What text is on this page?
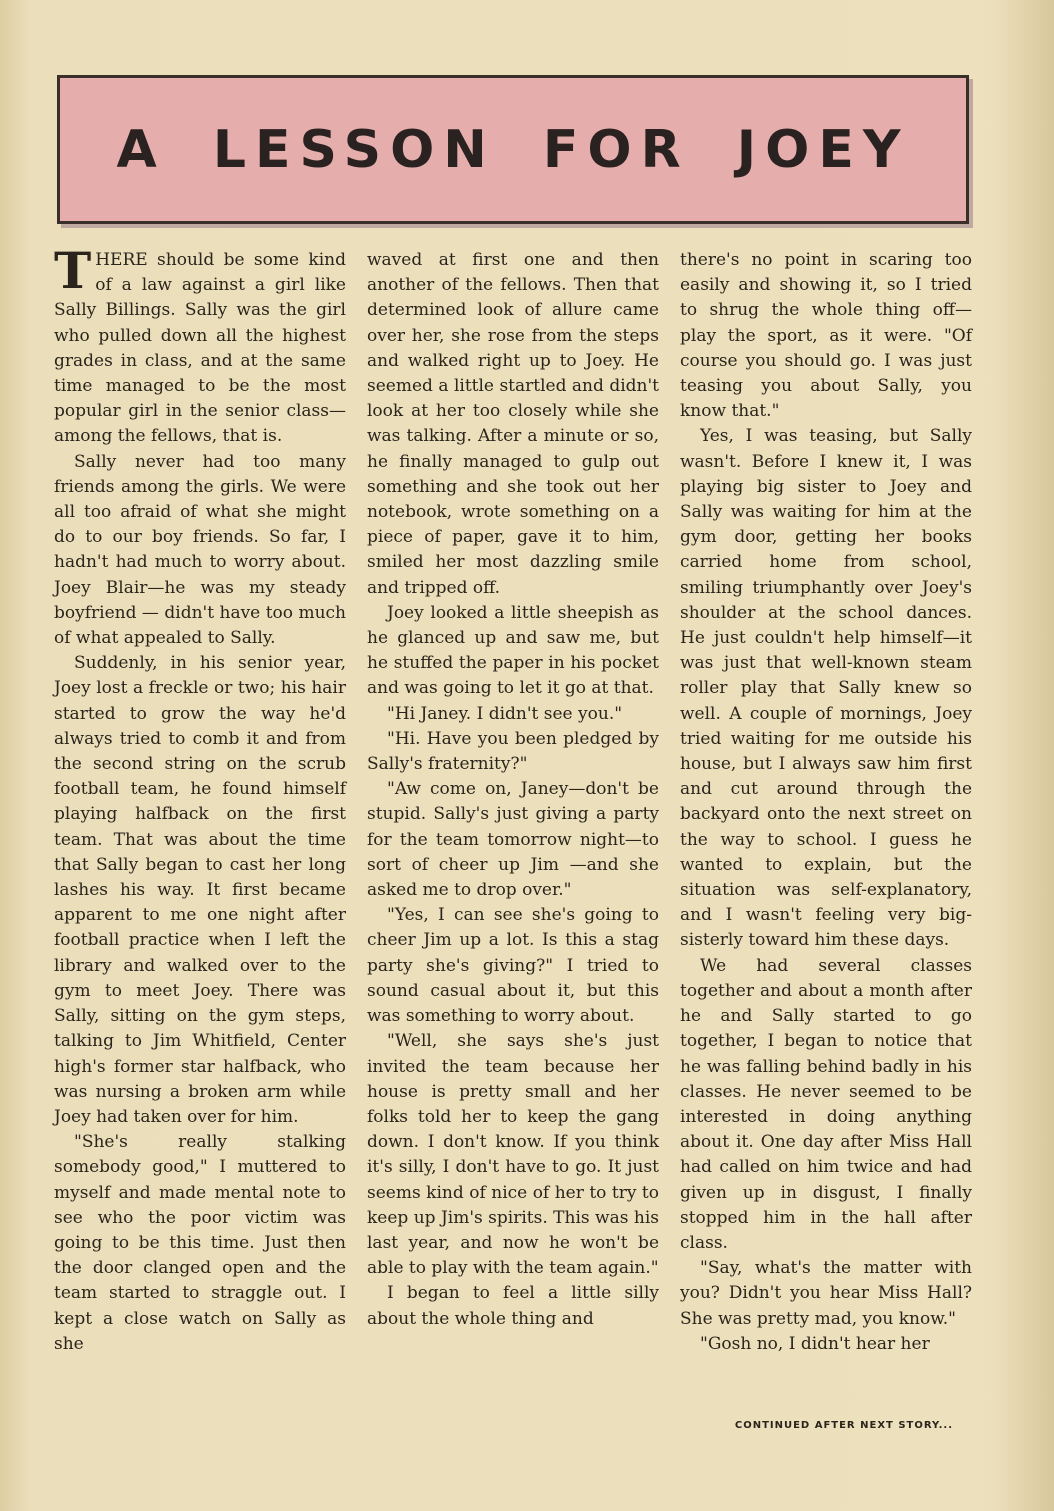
A LESSON FOR JOEY

THERE should be some kind of a law against a girl like Sally Billings. Sally was the girl who pulled down all the highest grades in class, and at the same time managed to be the most popular girl in the senior class—among the fellows, that is.

Sally never had too many friends among the girls. We were all too afraid of what she might do to our boy friends. So far, I hadn't had much to worry about. Joey Blair—he was my steady boyfriend — didn't have too much of what appealed to Sally.

Suddenly, in his senior year, Joey lost a freckle or two; his hair started to grow the way he'd always tried to comb it and from the second string on the scrub football team, he found himself playing halfback on the first team. That was about the time that Sally began to cast her long lashes his way. It first became apparent to me one night after football practice when I left the library and walked over to the gym to meet Joey. There was Sally, sitting on the gym steps, talking to Jim Whitfield, Center high's former star halfback, who was nursing a broken arm while Joey had taken over for him.

"She's really stalking somebody good," I muttered to myself and made mental note to see who the poor victim was going to be this time. Just then the door clanged open and the team started to straggle out. I kept a close watch on Sally as she

waved at first one and then another of the fellows. Then that determined look of allure came over her, she rose from the steps and walked right up to Joey. He seemed a little startled and didn't look at her too closely while she was talking. After a minute or so, he finally managed to gulp out something and she took out her notebook, wrote something on a piece of paper, gave it to him, smiled her most dazzling smile and tripped off.

Joey looked a little sheepish as he glanced up and saw me, but he stuffed the paper in his pocket and was going to let it go at that.

"Hi Janey. I didn't see you."

"Hi. Have you been pledged by Sally's fraternity?"

"Aw come on, Janey—don't be stupid. Sally's just giving a party for the team tomorrow night—to sort of cheer up Jim —and she asked me to drop over."

"Yes, I can see she's going to cheer Jim up a lot. Is this a stag party she's giving?" I tried to sound casual about it, but this was something to worry about.

"Well, she says she's just invited the team because her house is pretty small and her folks told her to keep the gang down. I don't know. If you think it's silly, I don't have to go. It just seems kind of nice of her to try to keep up Jim's spirits. This was his last year, and now he won't be able to play with the team again."

I began to feel a little silly about the whole thing and

there's no point in scaring too easily and showing it, so I tried to shrug the whole thing off—play the sport, as it were. "Of course you should go. I was just teasing you about Sally, you know that."

Yes, I was teasing, but Sally wasn't. Before I knew it, I was playing big sister to Joey and Sally was waiting for him at the gym door, getting her books carried home from school, smiling triumphantly over Joey's shoulder at the school dances. He just couldn't help himself—it was just that well-known steam roller play that Sally knew so well. A couple of mornings, Joey tried waiting for me outside his house, but I always saw him first and cut around through the backyard onto the next street on the way to school. I guess he wanted to explain, but the situation was self-explanatory, and I wasn't feeling very big-sisterly toward him these days.

We had several classes together and about a month after he and Sally started to go together, I began to notice that he was falling behind badly in his classes. He never seemed to be interested in doing anything about it. One day after Miss Hall had called on him twice and had given up in disgust, I finally stopped him in the hall after class.

"Say, what's the matter with you? Didn't you hear Miss Hall? She was pretty mad, you know."

"Gosh no, I didn't hear her

CONTINUED AFTER NEXT STORY...
